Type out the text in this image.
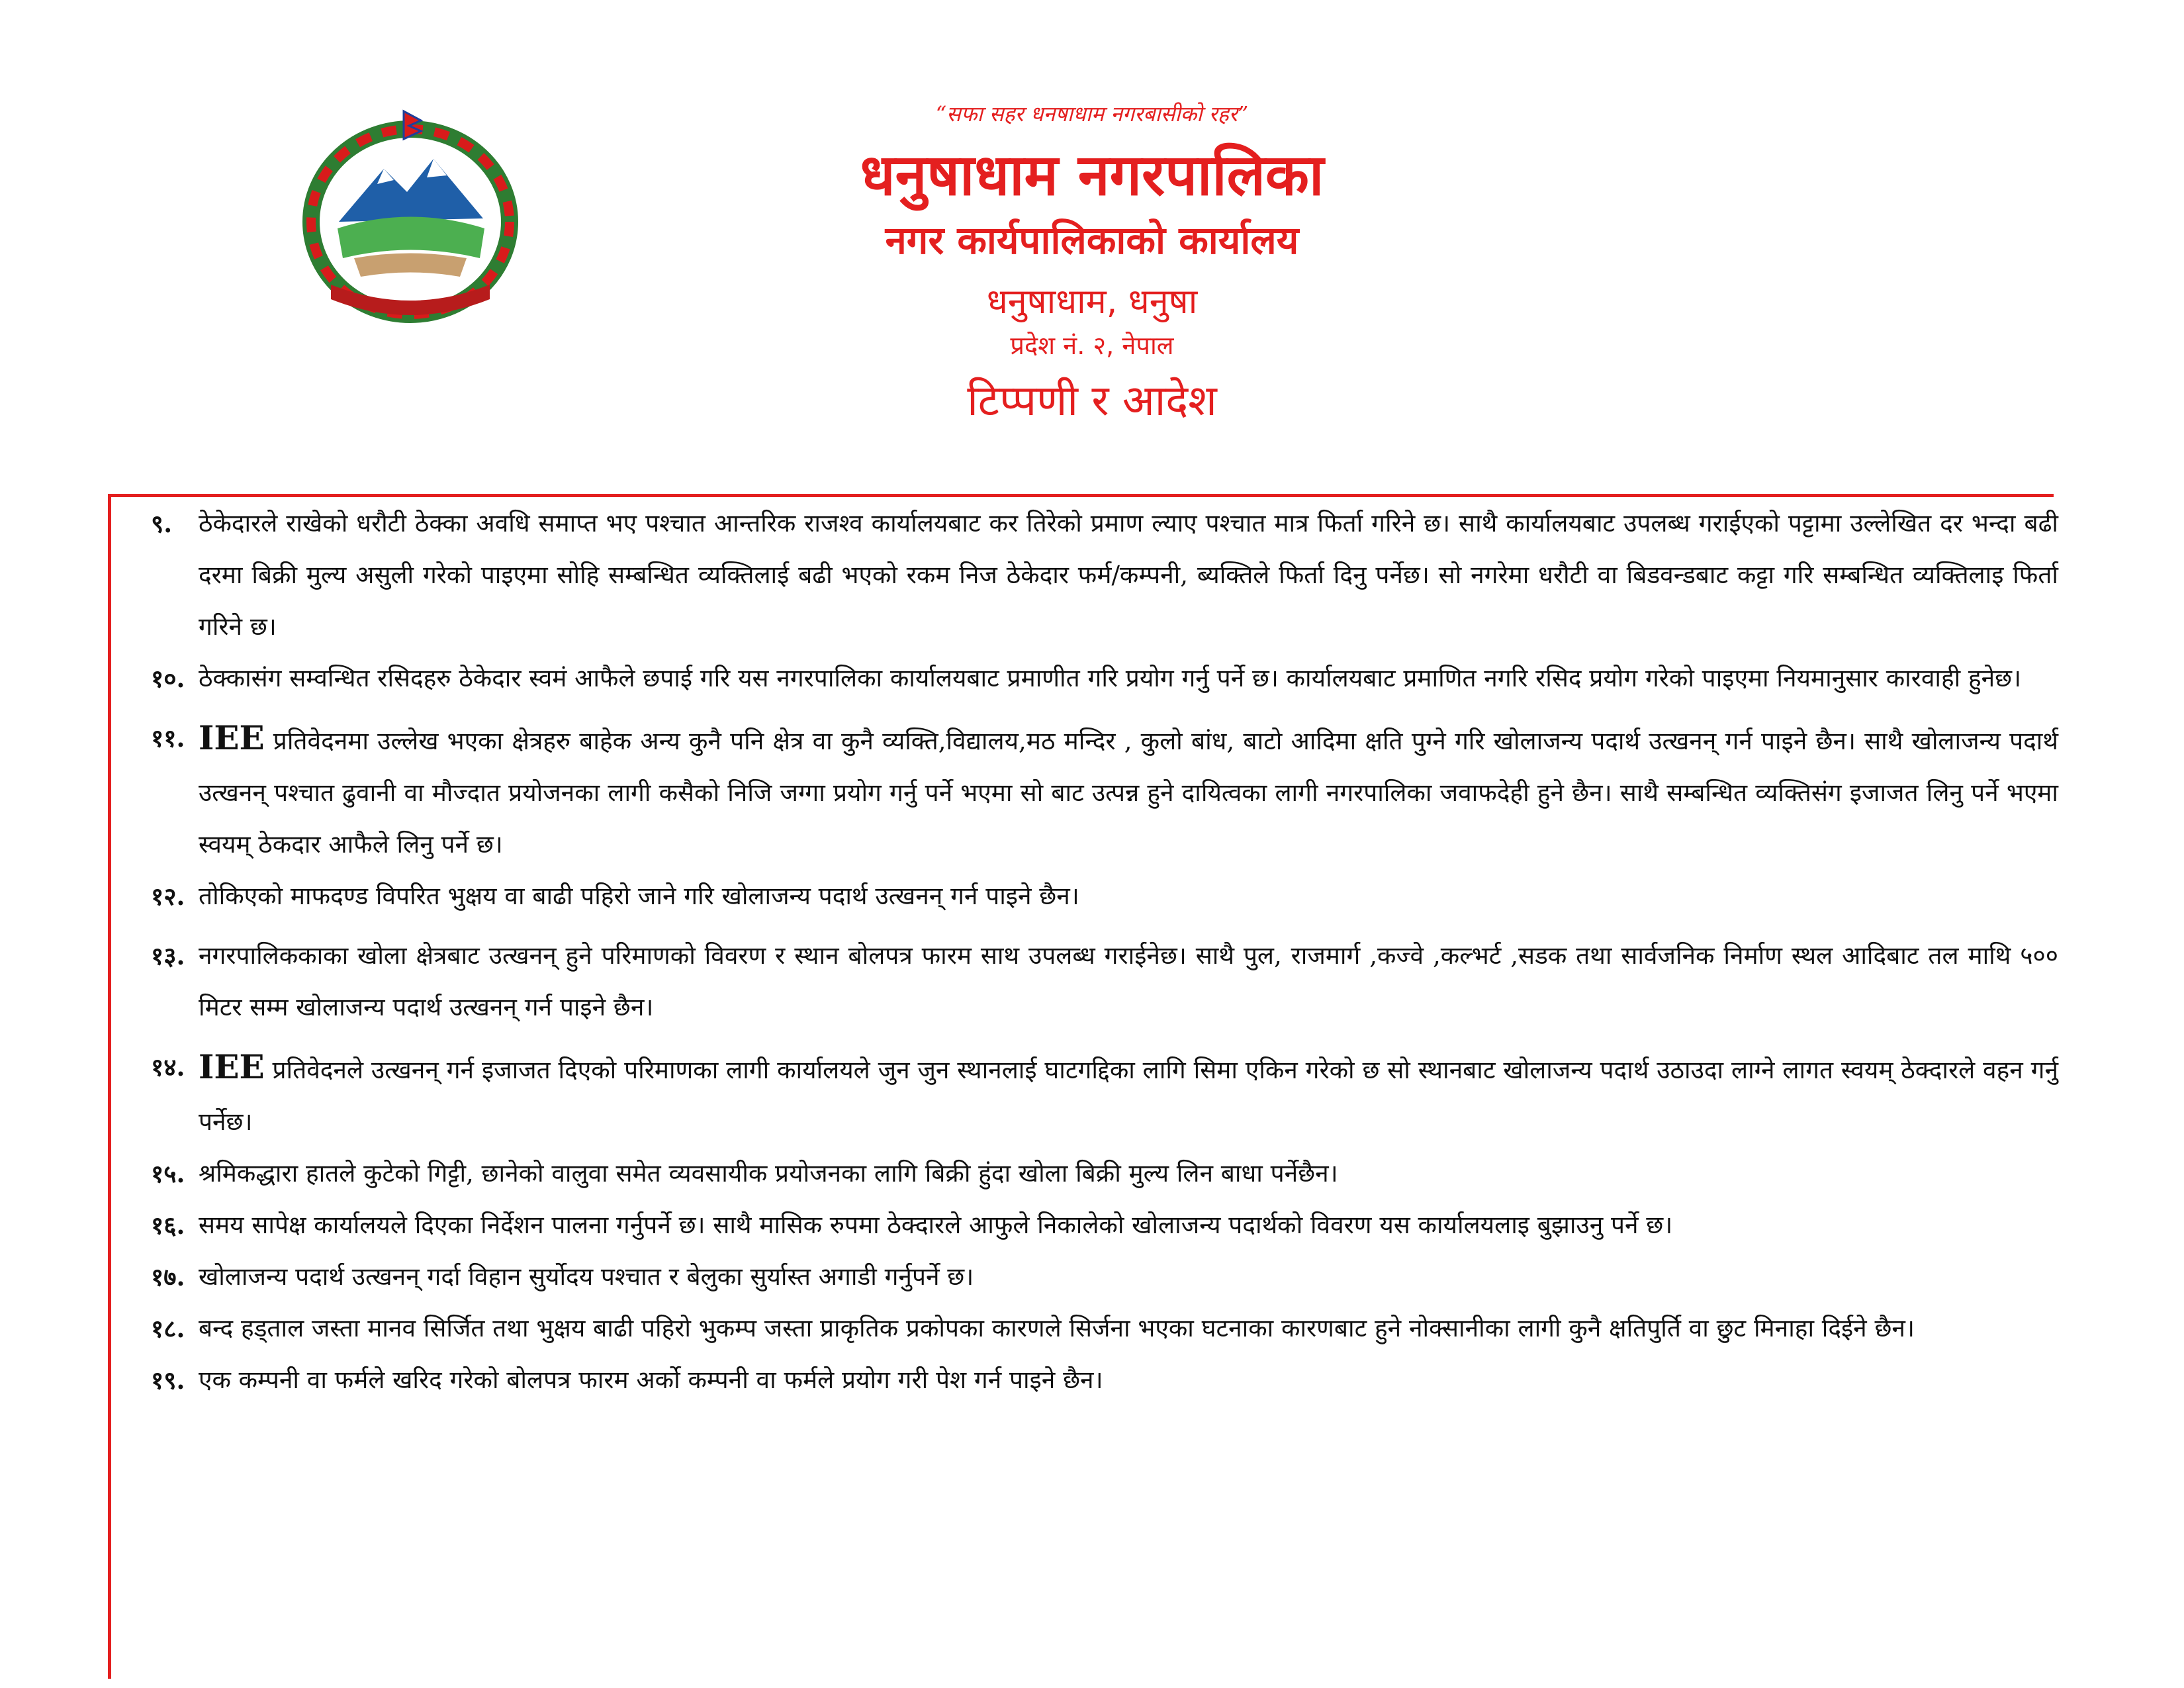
“सफा सहर धनषाधाम नगरबासीको रहर”
धनुषाधाम नगरपालिका
नगर कार्यपालिकाको कार्यालय
धनुषाधाम, धनुषा
प्रदेश नं. २, नेपाल
टिप्पणी र आदेश
९. ठेकेदारले राखेको धरौटी ठेक्का अवधि समाप्त भए पश्चात आन्तरिक राजश्व कार्यालयबाट कर तिरेको प्रमाण ल्याए पश्चात मात्र फिर्ता गरिने छ। साथै कार्यालयबाट उपलब्ध गराईएको पट्टामा उल्लेखित दर भन्दा बढी दरमा बिक्री मुल्य असुली गरेको पाइएमा सोहि सम्बन्धित व्यक्तिलाई बढी भएको रकम निज ठेकेदार फर्म/कम्पनी, ब्यक्तिले फिर्ता दिनु पर्नेछ। सो नगरेमा धरौटी वा बिडवन्डबाट कट्टा गरि सम्बन्धित व्यक्तिलाइ फिर्ता गरिने छ।
१०. ठेक्कासंग सम्वन्धित रसिदहरु ठेकेदार स्वमं आफैले छपाई गरि यस नगरपालिका कार्यालयबाट प्रमाणीत गरि प्रयोग गर्नु पर्ने छ। कार्यालयबाट प्रमाणित नगरि रसिद प्रयोग गरेको पाइएमा नियमानुसार कारवाही हुनेछ।
११. IEE प्रतिवेदनमा उल्लेख भएका क्षेत्रहरु बाहेक अन्य कुनै पनि क्षेत्र वा कुनै व्यक्ति,विद्यालय,मठ मन्दिर , कुलो बांध, बाटो आदिमा क्षति पुग्ने गरि खोलाजन्य पदार्थ उत्खनन् गर्न पाइने छैन। साथै खोलाजन्य पदार्थ उत्खनन् पश्चात ढुवानी वा मौज्दात प्रयोजनका लागी कसैको निजि जग्गा प्रयोग गर्नु पर्ने भएमा सो बाट उत्पन्न हुने दायित्वका लागी नगरपालिका जवाफदेही हुने छैन। साथै सम्बन्धित व्यक्तिसंग इजाजत लिनु पर्ने भएमा स्वयम् ठेकदार आफैले लिनु पर्ने छ।
१२. तोकिएको माफदण्ड विपरित भुक्षय वा बाढी पहिरो जाने गरि खोलाजन्य पदार्थ उत्खनन् गर्न पाइने छैन।
१३. नगरपालिककाका खोला क्षेत्रबाट उत्खनन् हुने परिमाणको विवरण र स्थान बोलपत्र फारम साथ उपलब्ध गराईनेछ। साथै पुल, राजमार्ग ,कज्वे ,कल्भर्ट ,सडक तथा सार्वजनिक निर्माण स्थल आदिबाट तल माथि ५०० मिटर सम्म खोलाजन्य पदार्थ उत्खनन् गर्न पाइने छैन।
१४. IEE प्रतिवेदनले उत्खनन् गर्न इजाजत दिएको परिमाणका लागी कार्यालयले जुन जुन स्थानलाई घाटगद्दिका लागि सिमा एकिन गरेको छ सो स्थानबाट खोलाजन्य पदार्थ उठाउदा लाग्ने लागत स्वयम् ठेक्दारले वहन गर्नु पर्नेछ।
१५. श्रमिकद्धारा हातले कुटेको गिट्टी, छानेको वालुवा समेत व्यवसायीक प्रयोजनका लागि बिक्री हुंदा खोला बिक्री मुल्य लिन बाधा पर्नेछैन।
१६. समय सापेक्ष कार्यालयले दिएका निर्देशन पालना गर्नुपर्ने छ। साथै मासिक रुपमा ठेक्दारले आफुले निकालेको खोलाजन्य पदार्थको विवरण यस कार्यालयलाइ बुझाउनु पर्ने छ।
१७. खोलाजन्य पदार्थ उत्खनन् गर्दा विहान सुर्योदय पश्चात र बेलुका सुर्यास्त अगाडी गर्नुपर्ने छ।
१८. बन्द हड्ताल जस्ता मानव सिर्जित तथा भुक्षय बाढी पहिरो भुकम्प जस्ता प्राकृतिक प्रकोपका कारणले सिर्जना भएका घटनाका कारणबाट हुने नोक्सानीका लागी कुनै क्षतिपुर्ति वा छुट मिनाहा दिईने छैन।
१९. एक कम्पनी वा फर्मले खरिद गरेको बोलपत्र फारम अर्को कम्पनी वा फर्मले प्रयोग गरी पेश गर्न पाइने छैन।
